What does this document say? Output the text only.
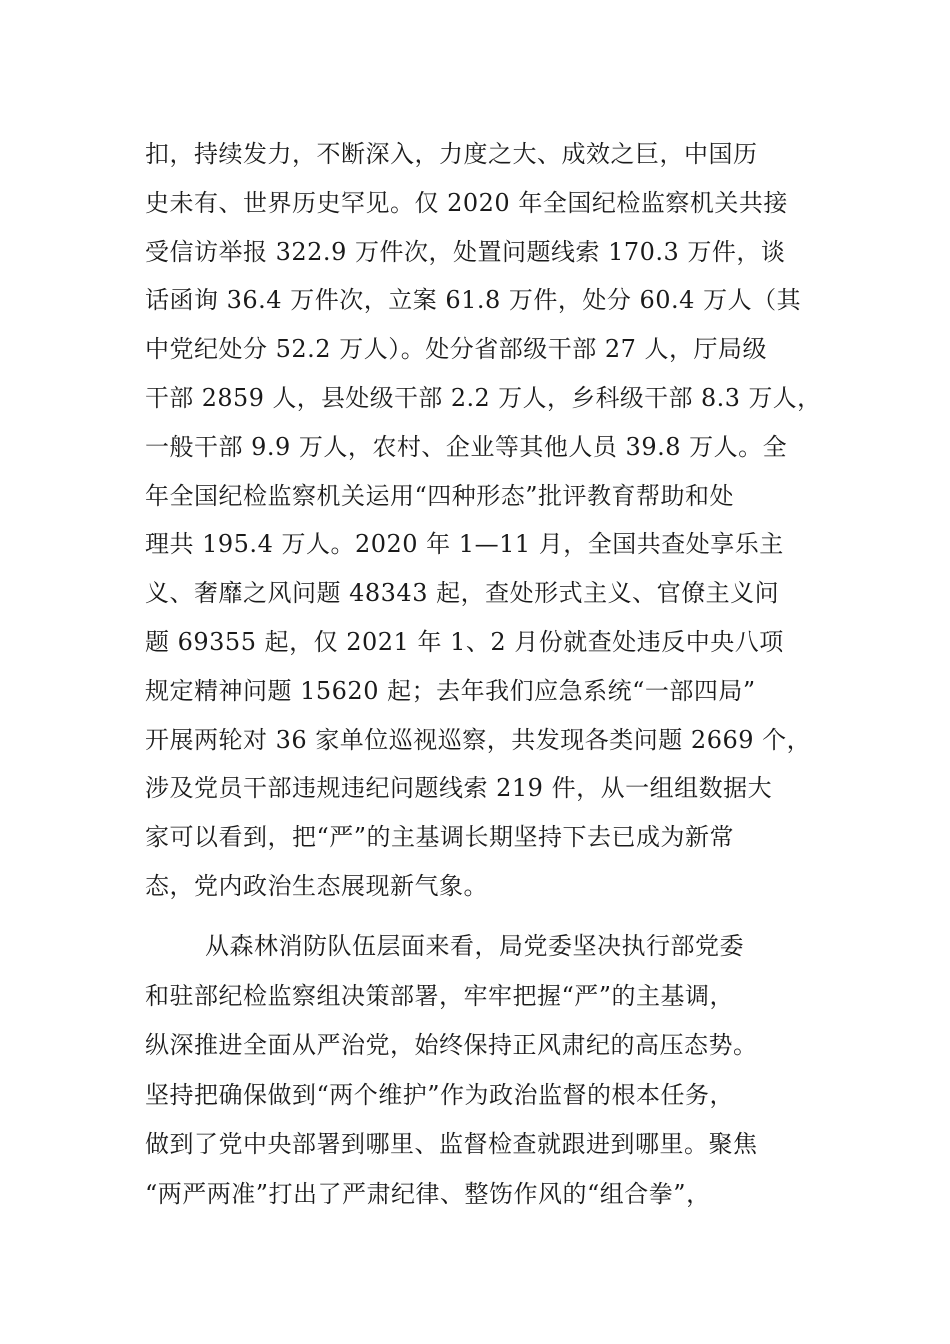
扣，持续发力，不断深入，力度之大、成效之巨，中国历
史未有、世界历史罕见。仅 2020 年全国纪检监察机关共接
受信访举报 322.9 万件次，处置问题线索 170.3 万件，谈
话函询 36.4 万件次，立案 61.8 万件，处分 60.4 万人（其
中党纪处分 52.2 万人）。处分省部级干部 27 人，厅局级
干部 2859 人，县处级干部 2.2 万人，乡科级干部 8.3 万人，
一般干部 9.9 万人，农村、企业等其他人员 39.8 万人。全
年全国纪检监察机关运用“四种形态”批评教育帮助和处
理共 195.4 万人。2020 年 1—11 月，全国共查处享乐主
义、奢靡之风问题 48343 起，查处形式主义、官僚主义问
题 69355 起，仅 2021 年 1、2 月份就查处违反中央八项
规定精神问题 15620 起；去年我们应急系统“一部四局”
开展两轮对 36 家单位巡视巡察，共发现各类问题 2669 个，
涉及党员干部违规违纪问题线索 219 件，从一组组数据大
家可以看到，把“严”的主基调长期坚持下去已成为新常
态，党内政治生态展现新气象。
从森林消防队伍层面来看，局党委坚决执行部党委
和驻部纪检监察组决策部署，牢牢把握“严”的主基调，
纵深推进全面从严治党，始终保持正风肃纪的高压态势。
坚持把确保做到“两个维护”作为政治监督的根本任务，
做到了党中央部署到哪里、监督检查就跟进到哪里。聚焦
“两严两准”打出了严肃纪律、整饬作风的“组合拳”，
